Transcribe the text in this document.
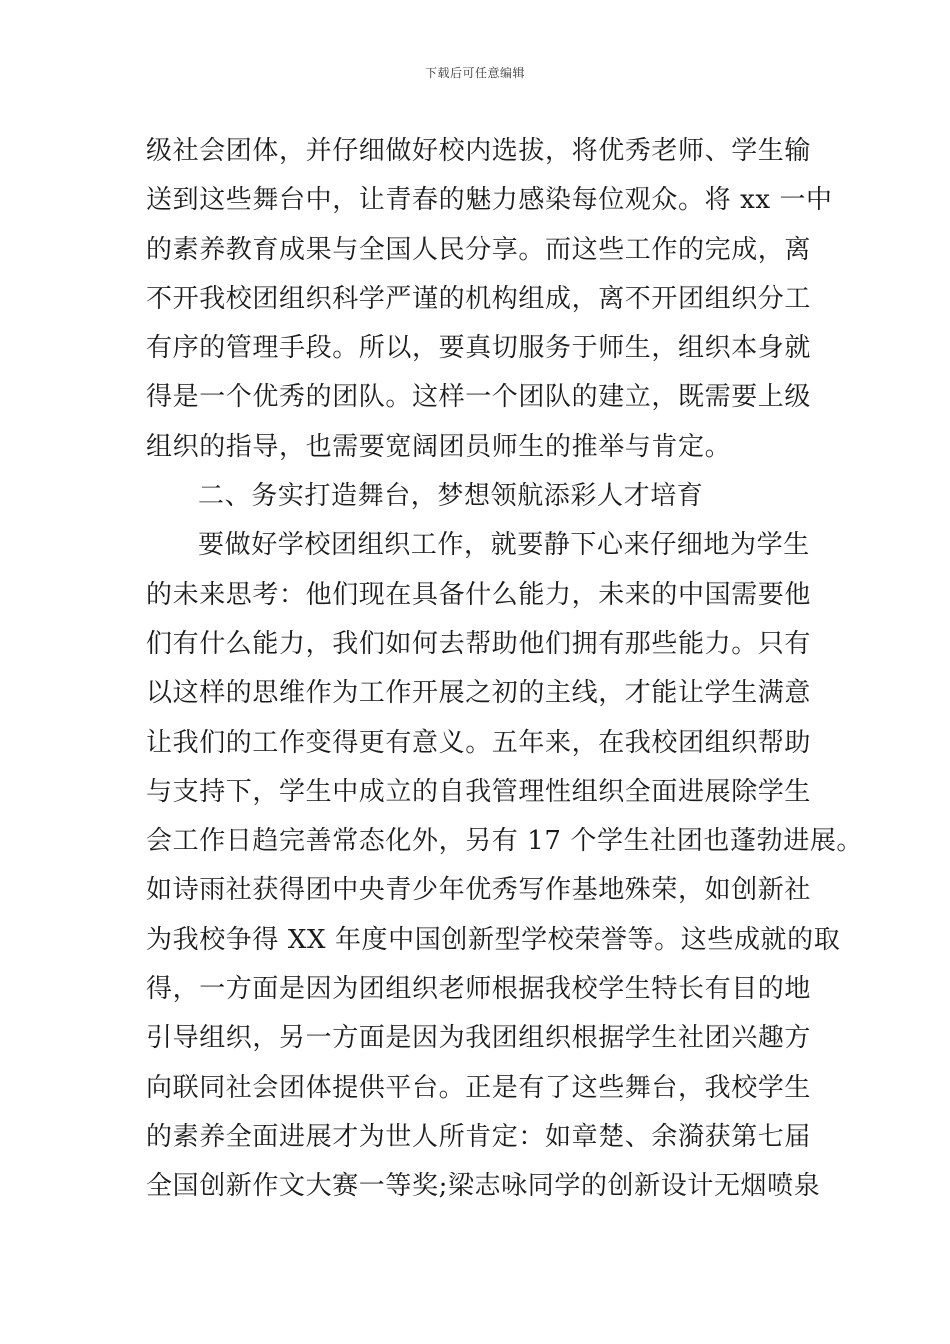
下载后可任意编辑
级社会团体，并仔细做好校内选拔，将优秀老师、学生输
送到这些舞台中，让青春的魅力感染每位观众。将 xx 一中
的素养教育成果与全国人民分享。而这些工作的完成，离
不开我校团组织科学严谨的机构组成，离不开团组织分工
有序的管理手段。所以，要真切服务于师生，组织本身就
得是一个优秀的团队。这样一个团队的建立，既需要上级
组织的指导，也需要宽阔团员师生的推举与肯定。
二、务实打造舞台，梦想领航添彩人才培育
要做好学校团组织工作，就要静下心来仔细地为学生
的未来思考：他们现在具备什么能力，未来的中国需要他
们有什么能力，我们如何去帮助他们拥有那些能力。只有
以这样的思维作为工作开展之初的主线，才能让学生满意
让我们的工作变得更有意义。五年来，在我校团组织帮助
与支持下，学生中成立的自我管理性组织全面进展除学生
会工作日趋完善常态化外，另有 17 个学生社团也蓬勃进展。
如诗雨社获得团中央青少年优秀写作基地殊荣，如创新社
为我校争得 XX 年度中国创新型学校荣誉等。这些成就的取
得，一方面是因为团组织老师根据我校学生特长有目的地
引导组织，另一方面是因为我团组织根据学生社团兴趣方
向联同社会团体提供平台。正是有了这些舞台，我校学生
的素养全面进展才为世人所肯定：如章楚、余漪获第七届
全国创新作文大赛一等奖;梁志咏同学的创新设计无烟喷泉
